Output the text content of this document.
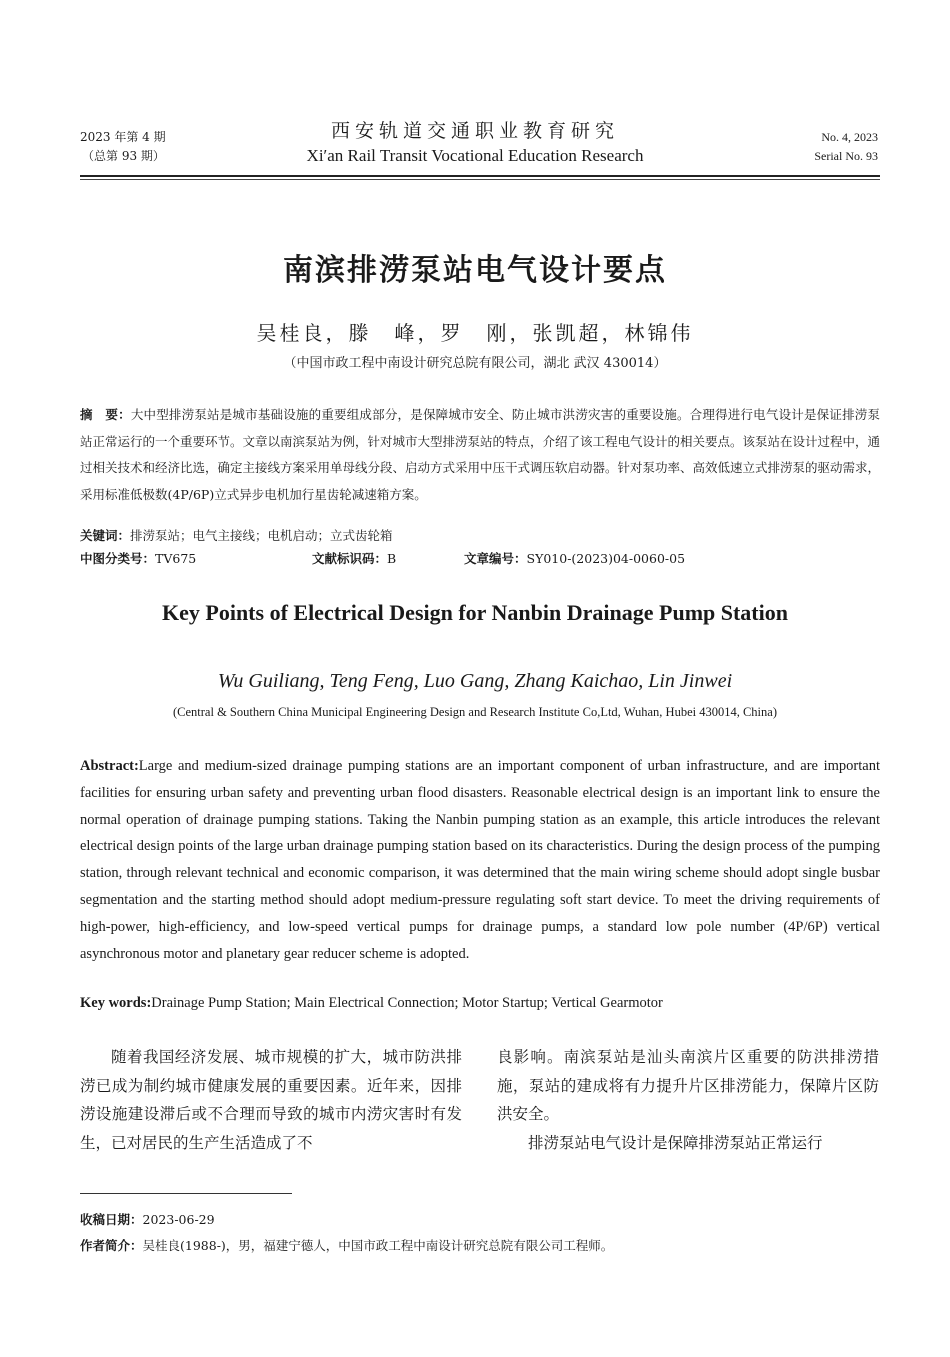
2023 年第 4 期
（总第 93 期）
西安轨道交通职业教育研究
Xi′an Rail Transit Vocational Education Research
No. 4, 2023
Serial No. 93
南滨排涝泵站电气设计要点
吴桂良，滕　峰，罗　刚，张凯超，林锦伟
（中国市政工程中南设计研究总院有限公司，湖北 武汉 430014）
摘　要：大中型排涝泵站是城市基础设施的重要组成部分，是保障城市安全、防止城市洪涝灾害的重要设施。合理得进行电气设计是保证排涝泵站正常运行的一个重要环节。文章以南滨泵站为例，针对城市大型排涝泵站的特点，介绍了该工程电气设计的相关要点。该泵站在设计过程中，通过相关技术和经济比选，确定主接线方案采用单母线分段、启动方式采用中压干式调压软启动器。针对泵功率、高效低速立式排涝泵的驱动需求，采用标准低极数(4P/6P)立式异步电机加行星齿轮减速箱方案。
关键词：排涝泵站；电气主接线；电机启动；立式齿轮箱
中图分类号：TV675	文献标识码：B	文章编号：SY010-(2023)04-0060-05
Key Points of Electrical Design for Nanbin Drainage Pump Station
Wu Guiliang, Teng Feng, Luo Gang, Zhang Kaichao, Lin Jinwei
(Central & Southern China Municipal Engineering Design and Research Institute Co,Ltd, Wuhan, Hubei 430014, China)
Abstract:Large and medium-sized drainage pumping stations are an important component of urban infrastructure, and are important facilities for ensuring urban safety and preventing urban flood disasters. Reasonable electrical design is an important link to ensure the normal operation of drainage pumping stations. Taking the Nanbin pumping station as an example, this article introduces the relevant electrical design points of the large urban drainage pumping station based on its characteristics. During the design process of the pumping station, through relevant technical and economic comparison, it was determined that the main wiring scheme should adopt single busbar segmentation and the starting method should adopt medium-pressure regulating soft start device. To meet the driving requirements of high-power, high-efficiency, and low-speed vertical pumps for drainage pumps, a standard low pole number (4P/6P) vertical asynchronous motor and planetary gear reducer scheme is adopted.
Key words:Drainage Pump Station; Main Electrical Connection; Motor Startup; Vertical Gearmotor

随着我国经济发展、城市规模的扩大，城市防洪排涝已成为制约城市健康发展的重要因素。近年来，因排涝设施建设滞后或不合理而导致的城市内涝灾害时有发生，已对居民的生产生活造成了不

良影响。南滨泵站是汕头南滨片区重要的防洪排涝措施，泵站的建成将有力提升片区排涝能力，保障片区防洪安全。

排涝泵站电气设计是保障排涝泵站正常运行

收稿日期：2023-06-29
作者简介：吴桂良(1988-)，男，福建宁德人，中国市政工程中南设计研究总院有限公司工程师。
